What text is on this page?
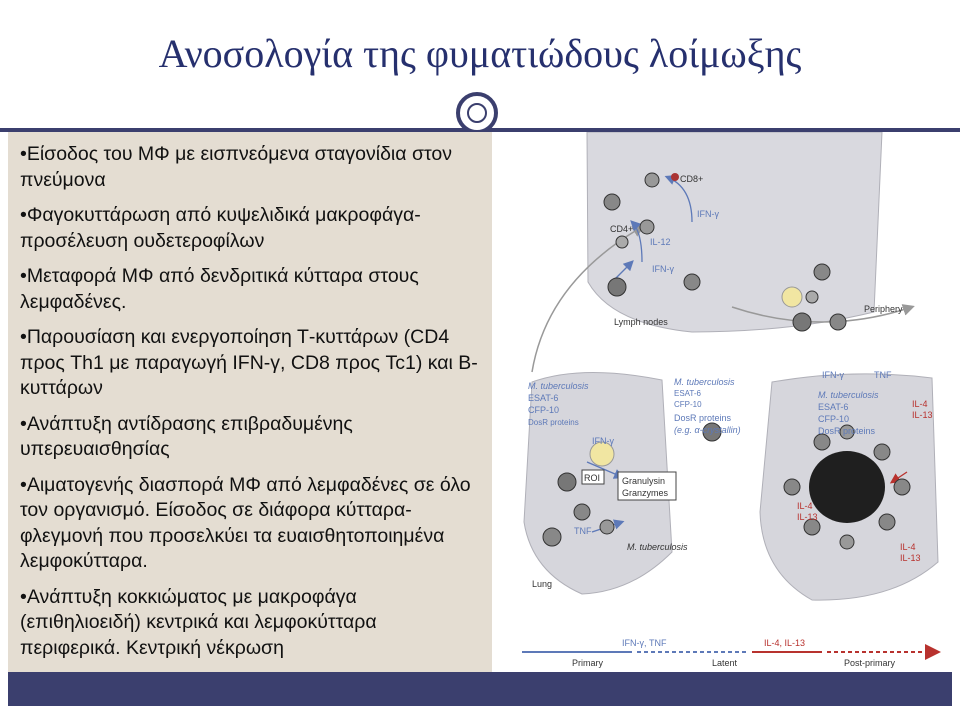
Ανοσολογία της φυματιώδους λοίμωξης
•Είσοδος του ΜΦ με εισπνεόμενα σταγονίδια στον πνεύμονα
•Φαγοκυττάρωση από κυψελιδικά μακροφάγα- προσέλευση ουδετεροφίλων
•Μεταφορά ΜΦ από δενδριτικά κύτταρα στους λεμφαδένες.
•Παρουσίαση και ενεργοποίηση Τ-κυττάρων (CD4 προς Th1 με παραγωγή IFN-γ, CD8 προς Tc1) και Β-κυττάρων
•Ανάπτυξη αντίδρασης επιβραδυμένης υπερευαισθησίας
•Αιματογενής διασπορά ΜΦ από λεμφαδένες σε όλο τον οργανισμό. Είσοδος σε διάφορα κύτταρα-φλεγμονή που προσελκύει τα ευαισθητοποιημένα λεμφοκύτταρα.
•Ανάπτυξη κοκκιώματος με μακροφάγα (επιθηλιοειδή) κεντρικά και λεμφοκύτταρα περιφερικά. Κεντρική νέκρωση
CD8+
CD4+
IFN-γ
IL-12
IFN-γ
Lymph nodes
Periphery
IFN-γ	TNF
IFN-γ
ROI Granulysin
Granzymes
TNF
M. tuberculosis
Lung
IL-4
IL-13
IL-4
IL-13
IL-4
IL-13
M. tuberculosis
ESAT-6
CFP-10
DosR proteins
M. tuberculosis
ESAT-6
CFP-10
DosR proteins
(e.g. α-crystallin)
M. tuberculosis
ESAT-6
CFP-10
DosR proteins
IFN-γ, TNF	IL-4, IL-13
Primary	Latent	Post-primary
